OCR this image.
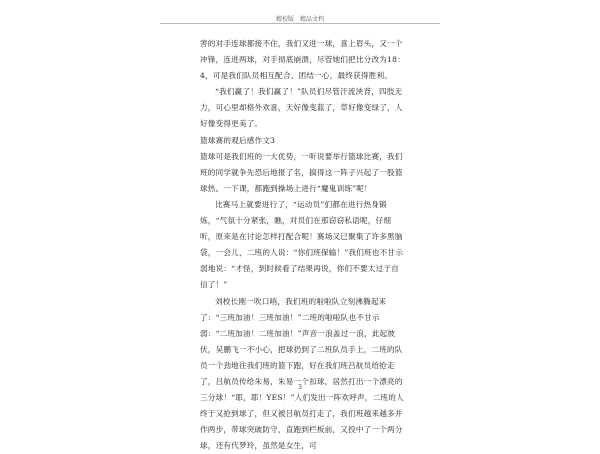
精校版　精品文档

害的对手连球都接不住，我们又进一球，喜上眉头，又一个冲锋，连进两球，对手彻底崩溃，尽管她们把比分改为18：4，可是我们队员相互配合、团结一心，最终获得胜利。

“我们赢了！我们赢了！”队员们尽管汗流浃背，四肢无力，可心里却格外欢喜，天好像变蓝了，草好像变绿了，人好像变得更美了。

篮球赛的观后感作文3

篮球可是我们班的一大优势，一听说要举行篮球比赛，我们班的同学就争先恐后地报了名，搞得这一阵子兴起了一股篮球热。一下课，都跑到操场上进行“魔鬼训练”呢！

比赛马上就要进行了，“运动员”们都在进行热身锻炼，“气氛十分紧张，瞧，对员们在那窃窃私语呢，仔细听，原来是在讨论怎样打配合呢！赛场又已聚集了许多黑脑袋，一会儿，二班的人说：“你们班保输！”我们班也不甘示弱地说：“才怪，到时候看了结果再说，你们不要太过于自信了！”

刘校长刚一吹口哨，我们班的啦啦队立刻沸腾起来了：“三班加油！三班加油！”二班的啦啦队也不甘示弱：“二班加油！二班加油！”声音一浪盖过一浪，此起彼伏，吴鹏飞一不小心，把球扔到了二班队员手上，二班的队员一个劲地往我们班的篮下跑，好在我们班吕航员给抢走了，吕航员传给朱易，朱易一个扣球，居然打出一个漂亮的三分球！“耶，耶！YES！”人们发出一阵欢呼声，二班的人终于又抢到球了，但又被吕航员打走了，我们班越来越多并作两步，带球突破防守，直跑到栏板前，又投中了一个两分球，还有代梦玲，虽然是女生，可

3
